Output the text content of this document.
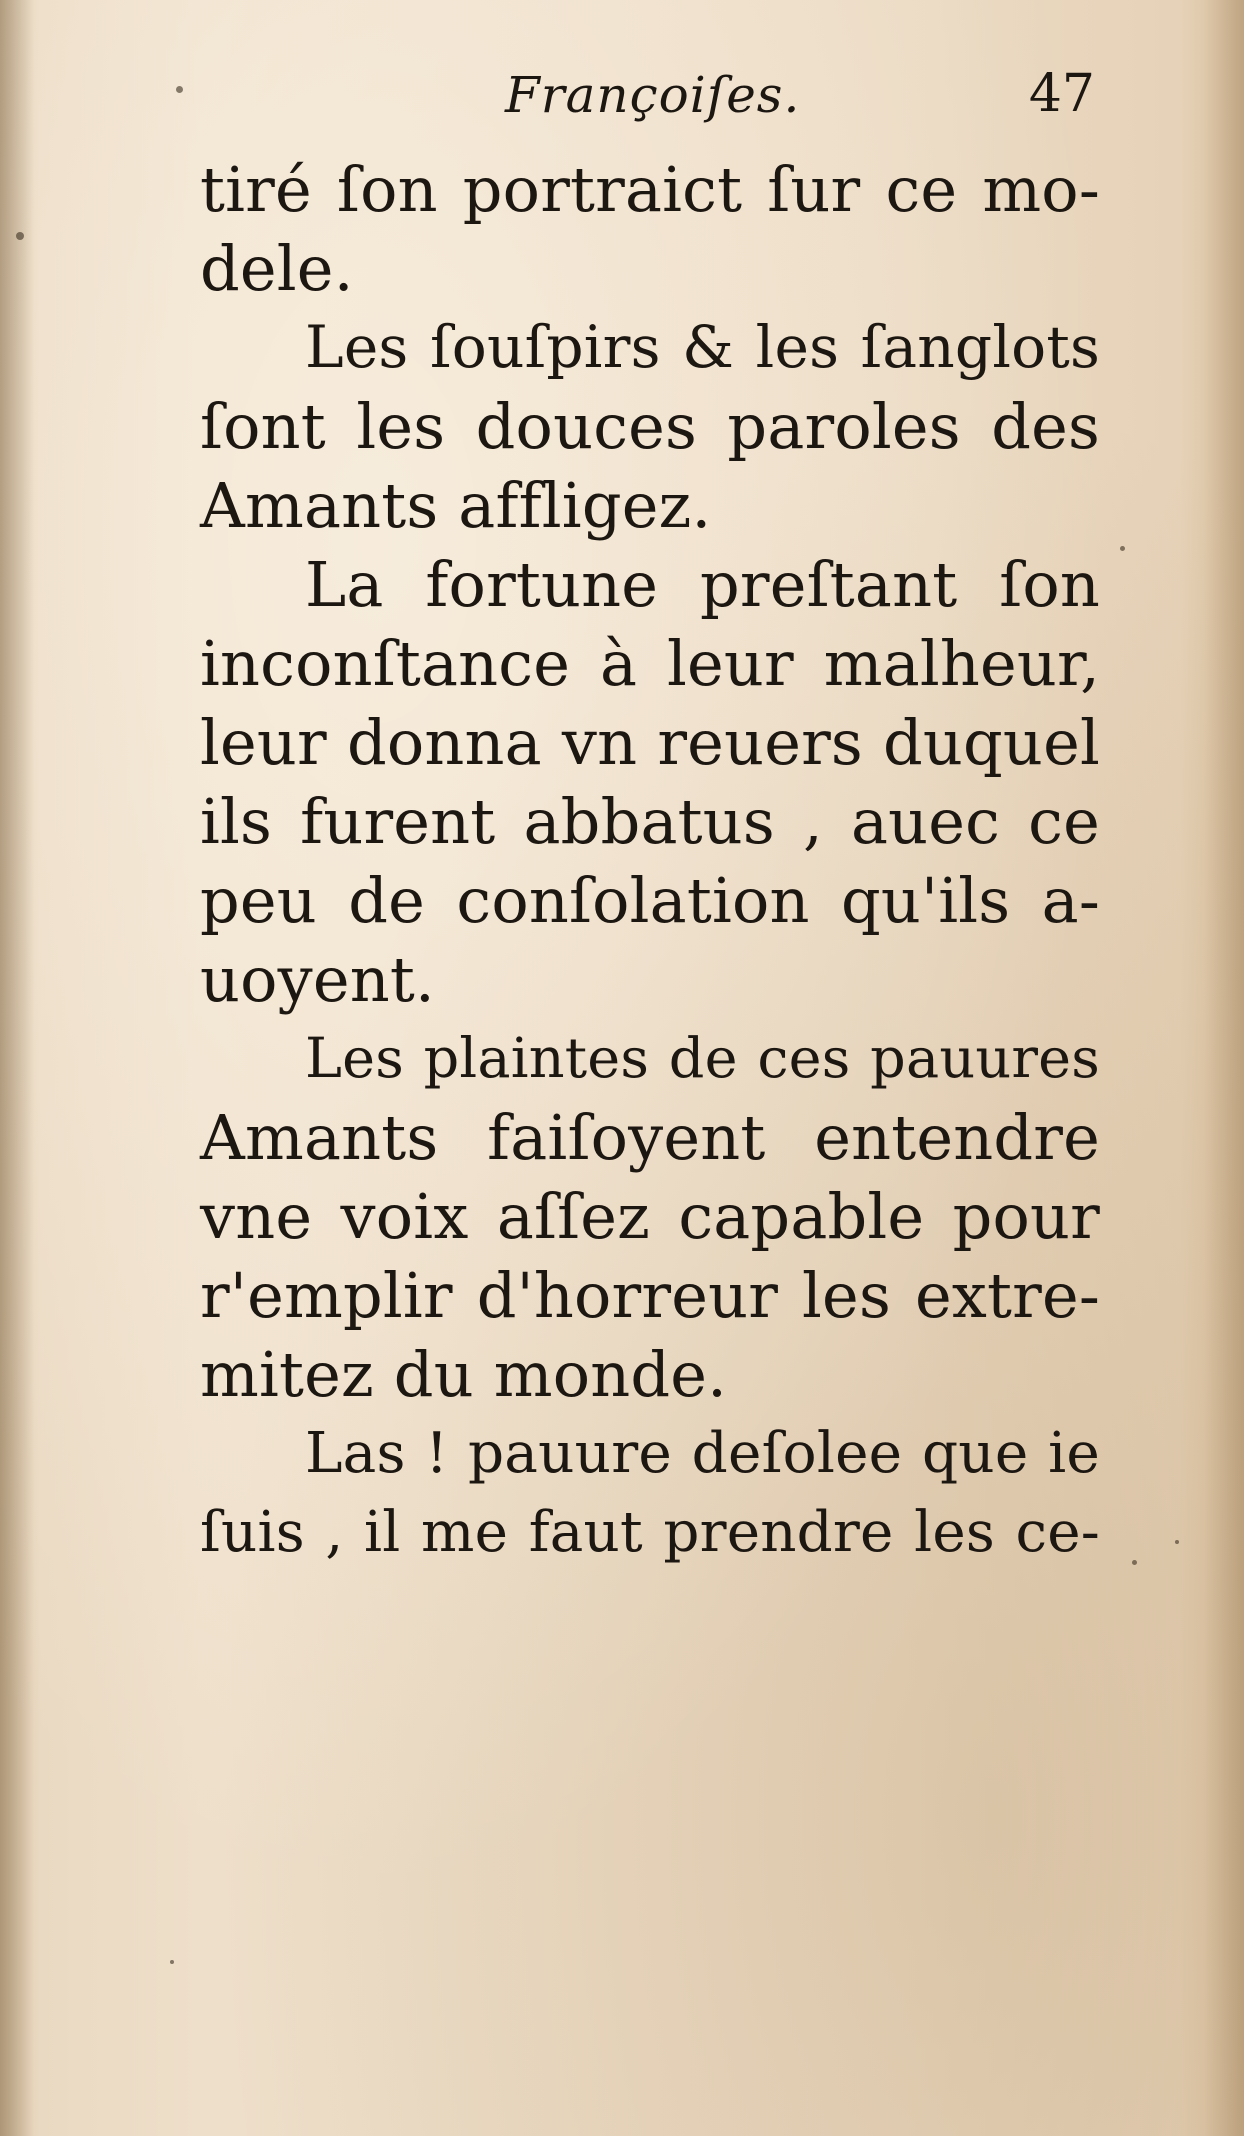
Françoiſes.	47
tiré ſon portraict ſur ce mo-
dele.
Les ſouſpirs & les ſanglots
ſont les douces paroles des
Amants affligez.
La fortune preſtant ſon
inconſtance à leur malheur,
leur donna vn reuers duquel
ils furent abbatus , auec ce
peu de conſolation qu'ils a-
uoyent.
Les plaintes de ces pauures
Amants faiſoyent entendre
vne voix aſſez capable pour
r'emplir d'horreur les extre-
mitez du monde.
Las ! pauure deſolee que ie
ſuis , il me faut prendre les ce-
